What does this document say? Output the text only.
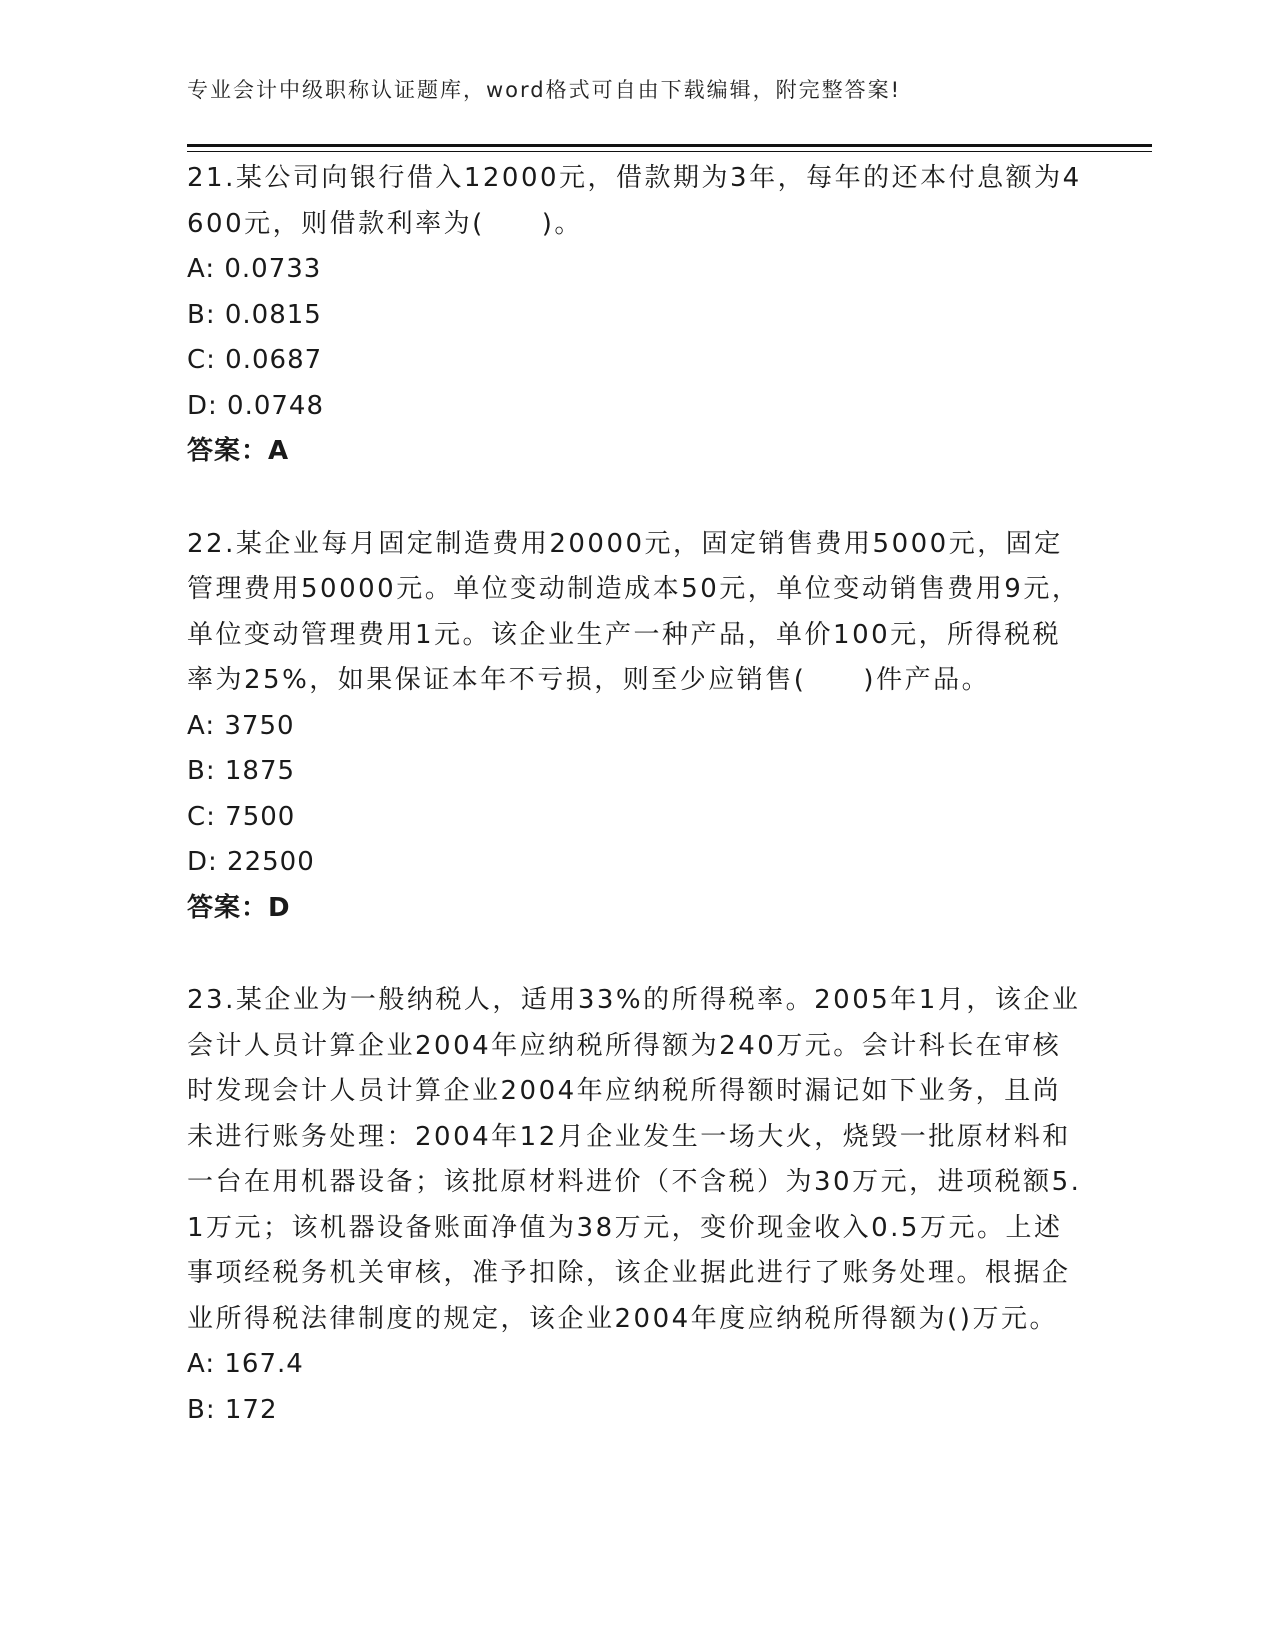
专业会计中级职称认证题库，word格式可自由下载编辑，附完整答案!

21.某公司向银行借入12000元，借款期为3年，每年的还本付息额为4600元，则借款利率为(　　)。

A: 0.0733

B: 0.0815

C: 0.0687

D: 0.0748

答案：A

22.某企业每月固定制造费用20000元，固定销售费用5000元，固定管理费用50000元。单位变动制造成本50元，单位变动销售费用9元，单位变动管理费用1元。该企业生产一种产品，单价100元，所得税税率为25%，如果保证本年不亏损，则至少应销售(　　)件产品。

A: 3750

B: 1875

C: 7500

D: 22500

答案：D

23.某企业为一般纳税人，适用33%的所得税率。2005年1月，该企业会计人员计算企业2004年应纳税所得额为240万元。会计科长在审核时发现会计人员计算企业2004年应纳税所得额时漏记如下业务，且尚未进行账务处理：2004年12月企业发生一场大火，烧毁一批原材料和一台在用机器设备；该批原材料进价（不含税）为30万元，进项税额5.1万元；该机器设备账面净值为38万元，变价现金收入0.5万元。上述事项经税务机关审核，准予扣除，该企业据此进行了账务处理。根据企业所得税法律制度的规定，该企业2004年度应纳税所得额为()万元。

A: 167.4

B: 172
